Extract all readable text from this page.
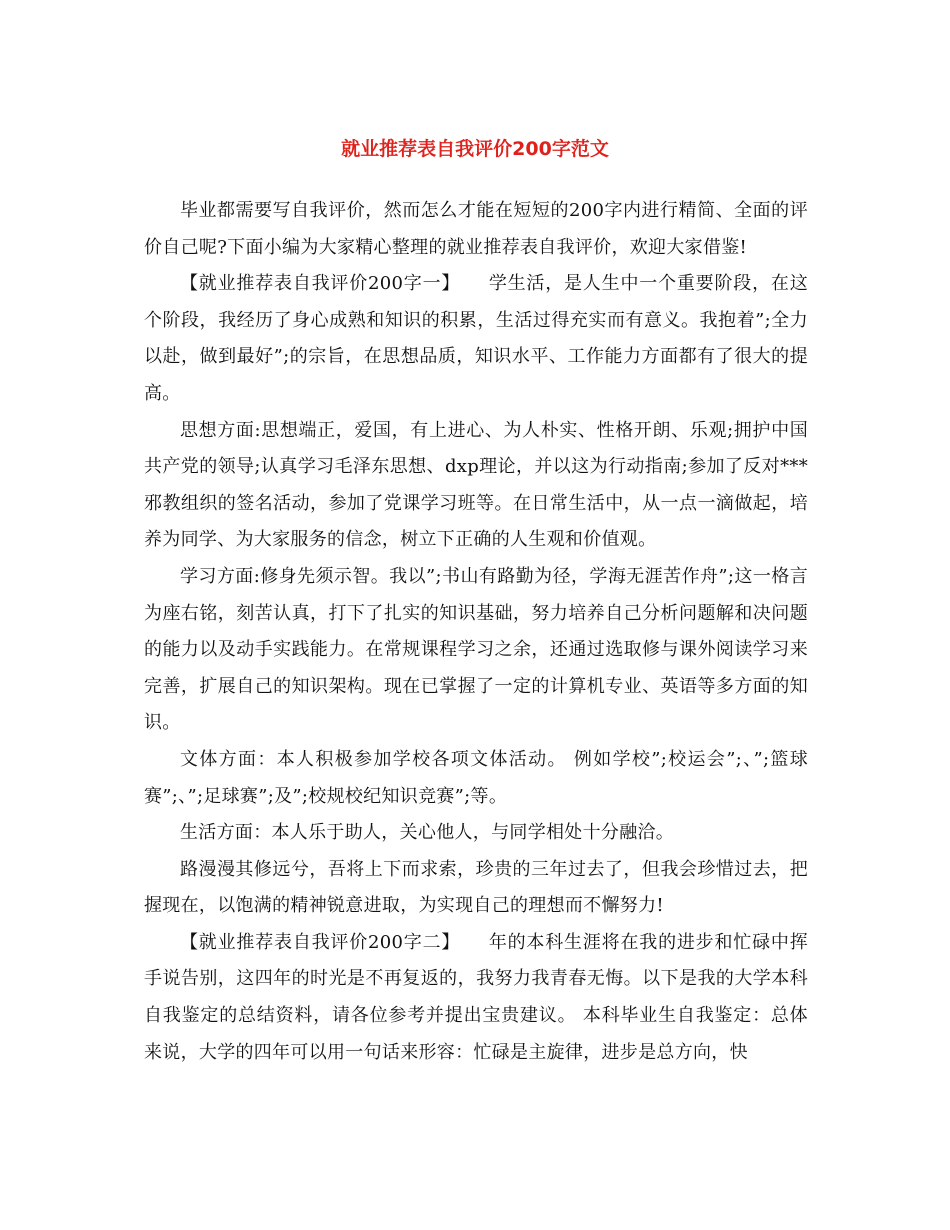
就业推荐表自我评价200字范文

毕业都需要写自我评价，然而怎么才能在短短的200字内进行精简、全面的评价自己呢?下面小编为大家精心整理的就业推荐表自我评价，欢迎大家借鉴!

【就业推荐表自我评价200字一】　　学生活，是人生中一个重要阶段，在这个阶段，我经历了身心成熟和知识的积累，生活过得充实而有意义。我抱着”;全力以赴，做到最好”;的宗旨，在思想品质，知识水平、工作能力方面都有了很大的提高。

思想方面:思想端正，爱国，有上进心、为人朴实、性格开朗、乐观;拥护中国共产党的领导;认真学习毛泽东思想、dxp理论，并以这为行动指南;参加了反对***邪教组织的签名活动，参加了党课学习班等。在日常生活中，从一点一滴做起，培养为同学、为大家服务的信念，树立下正确的人生观和价值观。

学习方面:修身先须示智。我以”;书山有路勤为径，学海无涯苦作舟”;这一格言为座右铭，刻苦认真，打下了扎实的知识基础，努力培养自己分析问题解和决问题的能力以及动手实践能力。在常规课程学习之余，还通过选取修与课外阅读学习来完善，扩展自己的知识架构。现在已掌握了一定的计算机专业、英语等多方面的知识。

文体方面：本人积极参加学校各项文体活动。 例如学校”;校运会”;、”;篮球赛”;、”;足球赛”;及”;校规校纪知识竞赛”;等。

生活方面：本人乐于助人，关心他人，与同学相处十分融洽。

路漫漫其修远兮，吾将上下而求索，珍贵的三年过去了，但我会珍惜过去，把握现在，以饱满的精神锐意进取，为实现自己的理想而不懈努力!

【就业推荐表自我评价200字二】　　年的本科生涯将在我的进步和忙碌中挥手说告别，这四年的时光是不再复返的，我努力我青春无悔。以下是我的大学本科自我鉴定的总结资料，请各位参考并提出宝贵建议。 本科毕业生自我鉴定：总体来说，大学的四年可以用一句话来形容：忙碌是主旋律，进步是总方向，快
